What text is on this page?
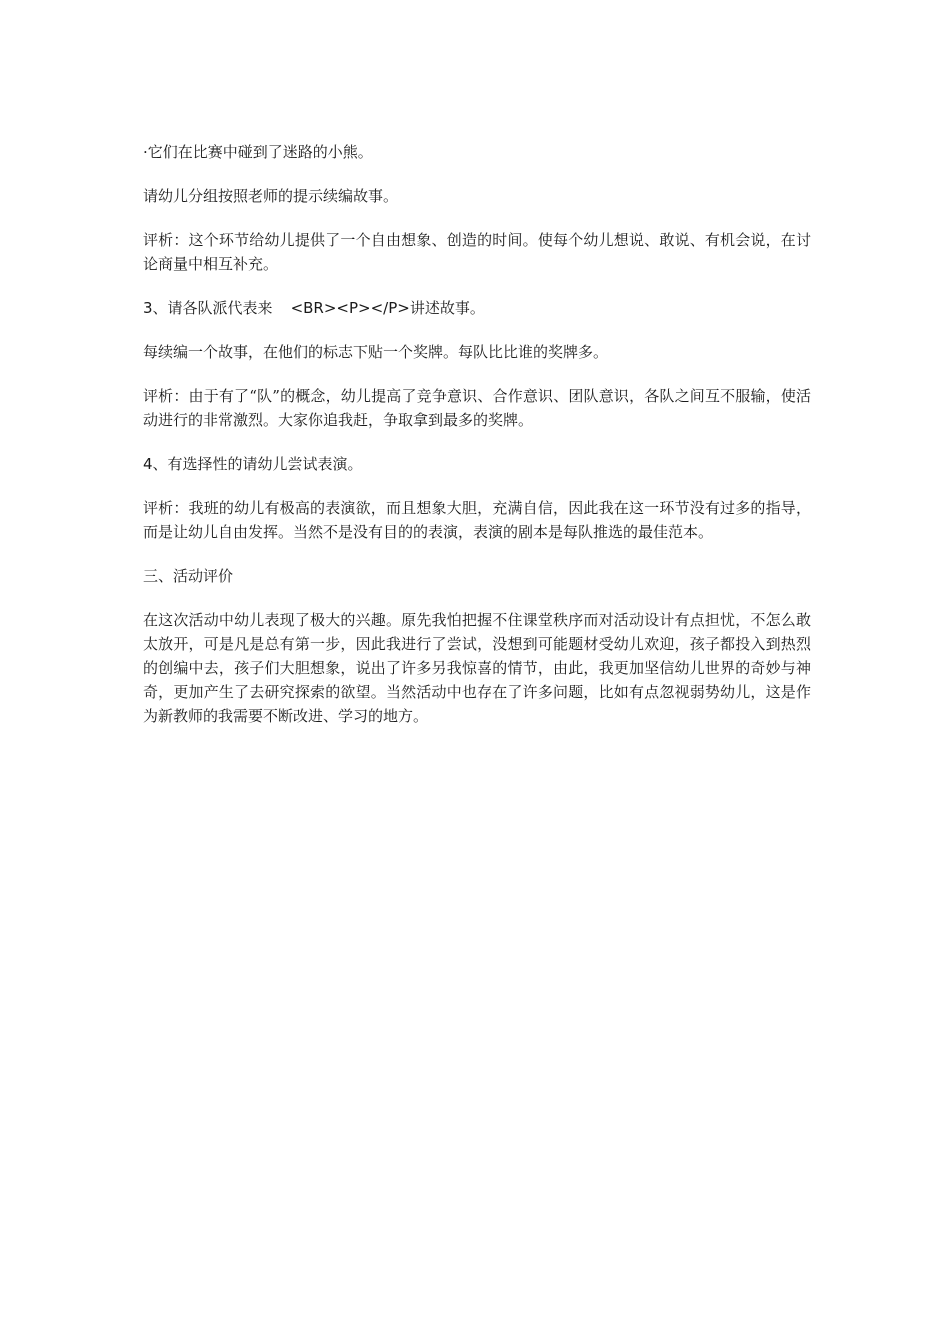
·它们在比赛中碰到了迷路的小熊。

请幼儿分组按照老师的提示续编故事。

评析：这个环节给幼儿提供了一个自由想象、创造的时间。使每个幼儿想说、敢说、有机会说，在讨论商量中相互补充。

3、请各队派代表来 <BR><P></P>讲述故事。

每续编一个故事，在他们的标志下贴一个奖牌。每队比比谁的奖牌多。

评析：由于有了“队”的概念，幼儿提高了竞争意识、合作意识、团队意识，各队之间互不服输，使活动进行的非常激烈。大家你追我赶，争取拿到最多的奖牌。

4、有选择性的请幼儿尝试表演。

评析：我班的幼儿有极高的表演欲，而且想象大胆，充满自信，因此我在这一环节没有过多的指导，而是让幼儿自由发挥。当然不是没有目的的表演，表演的剧本是每队推选的最佳范本。

三、活动评价

在这次活动中幼儿表现了极大的兴趣。原先我怕把握不住课堂秩序而对活动设计有点担忧，不怎么敢太放开，可是凡是总有第一步，因此我进行了尝试，没想到可能题材受幼儿欢迎，孩子都投入到热烈的创编中去，孩子们大胆想象，说出了许多另我惊喜的情节，由此，我更加坚信幼儿世界的奇妙与神奇，更加产生了去研究探索的欲望。当然活动中也存在了许多问题，比如有点忽视弱势幼儿，这是作为新教师的我需要不断改进、学习的地方。
